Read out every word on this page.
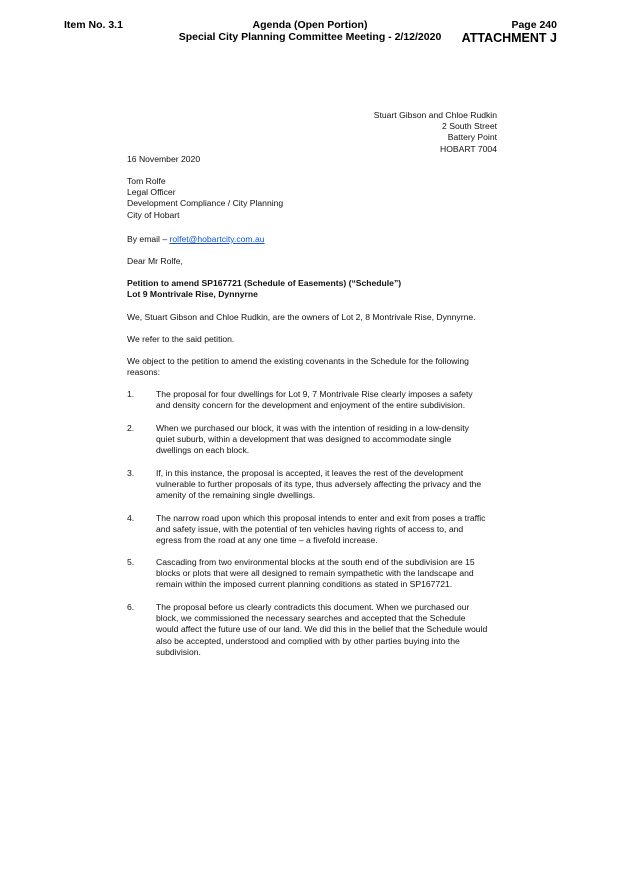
Item No. 3.1	Agenda (Open Portion)
Special City Planning Committee Meeting - 2/12/2020
Page 240
ATTACHMENT J
Stuart Gibson and Chloe Rudkin
2 South Street
Battery Point
HOBART 7004
16 November 2020
Tom Rolfe
Legal Officer
Development Compliance / City Planning
City of Hobart
By email – rolfet@hobartcity.com.au
Dear Mr Rolfe,
Petition to amend SP167721 (Schedule of Easements) (“Schedule”)
Lot 9 Montrivale Rise, Dynnyrne
We, Stuart Gibson and Chloe Rudkin, are the owners of Lot 2, 8 Montrivale Rise, Dynnyrne.
We refer to the said petition.
We object to the petition to amend the existing covenants in the Schedule for the following
reasons:
1.	The proposal for four dwellings for Lot 9, 7 Montrivale Rise clearly imposes a safety
and density concern for the development and enjoyment of the entire subdivision.
2.	When we purchased our block, it was with the intention of residing in a low-density
quiet suburb, within a development that was designed to accommodate single
dwellings on each block.
3.	If, in this instance, the proposal is accepted, it leaves the rest of the development
vulnerable to further proposals of its type, thus adversely affecting the privacy and the
amenity of the remaining single dwellings.
4.	The narrow road upon which this proposal intends to enter and exit from poses a traffic
and safety issue, with the potential of ten vehicles having rights of access to, and
egress from the road at any one time – a fivefold increase.
5.	Cascading from two environmental blocks at the south end of the subdivision are 15
blocks or plots that were all designed to remain sympathetic with the landscape and
remain within the imposed current planning conditions as stated in SP167721.
6.	The proposal before us clearly contradicts this document. When we purchased our
block, we commissioned the necessary searches and accepted that the Schedule
would affect the future use of our land. We did this in the belief that the Schedule would
also be accepted, understood and complied with by other parties buying into the
subdivision.
